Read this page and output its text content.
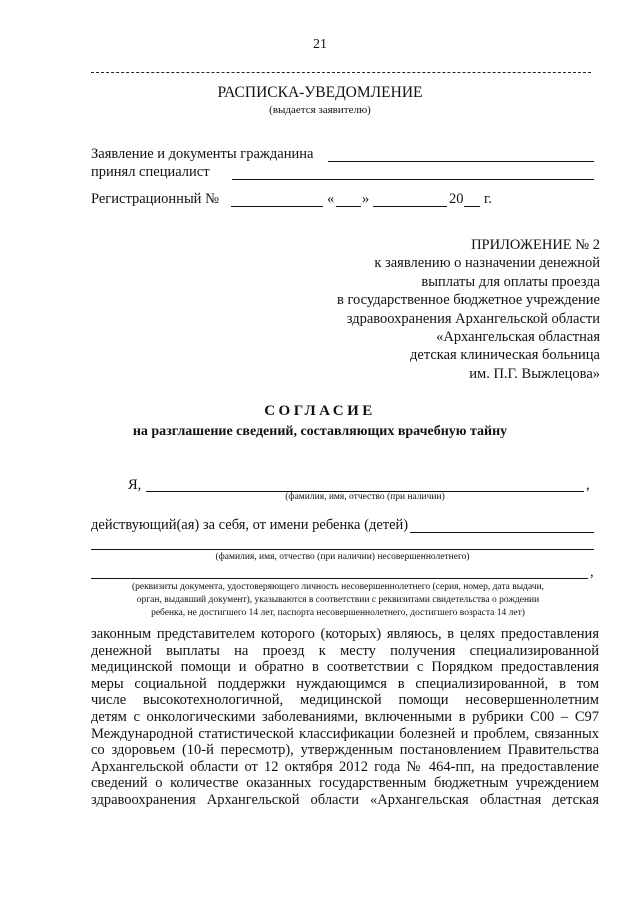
21
РАСПИСКА-УВЕДОМЛЕНИЕ
(выдается заявителю)
Заявление и документы гражданина
принял специалист
Регистрационный №	« »	20 г.
ПРИЛОЖЕНИЕ № 2
к заявлению о назначении денежной
выплаты для оплаты проезда
в государственное бюджетное учреждение
здравоохранения Архангельской области
«Архангельская областная
детская клиническая больница
им. П.Г. Выжлецова»
СОГЛАСИЕ
на разглашение сведений, составляющих врачебную тайну
Я,	,
(фамилия, имя, отчество (при наличии)
действующий(ая) за себя, от имени ребенка (детей)
(фамилия, имя, отчество (при наличии) несовершеннолетнего)
,
(реквизиты документа, удостоверяющего личность несовершеннолетнего (серия, номер, дата выдачи,
орган, выдавший документ), указываются в соответствии с реквизитами свидетельства о рождении
ребенка, не достигшего 14 лет, паспорта несовершеннолетнего, достигшего возраста 14 лет)
законным представителем которого (которых) являюсь, в целях предоставления
денежной выплаты на проезд к месту получения специализированной
медицинской помощи и обратно в соответствии с Порядком предоставления
меры социальной поддержки нуждающимся в специализированной, в том
числе высокотехнологичной, медицинской помощи несовершеннолетним
детям с онкологическими заболеваниями, включенными в рубрики С00 – С97
Международной статистической классификации болезней и проблем, связанных
со здоровьем (10-й пересмотр), утвержденным постановлением Правительства
Архангельской области от 12 октября 2012 года № 464-пп, на предоставление
сведений о количестве оказанных государственным бюджетным учреждением
здравоохранения Архангельской области «Архангельская областная детская
